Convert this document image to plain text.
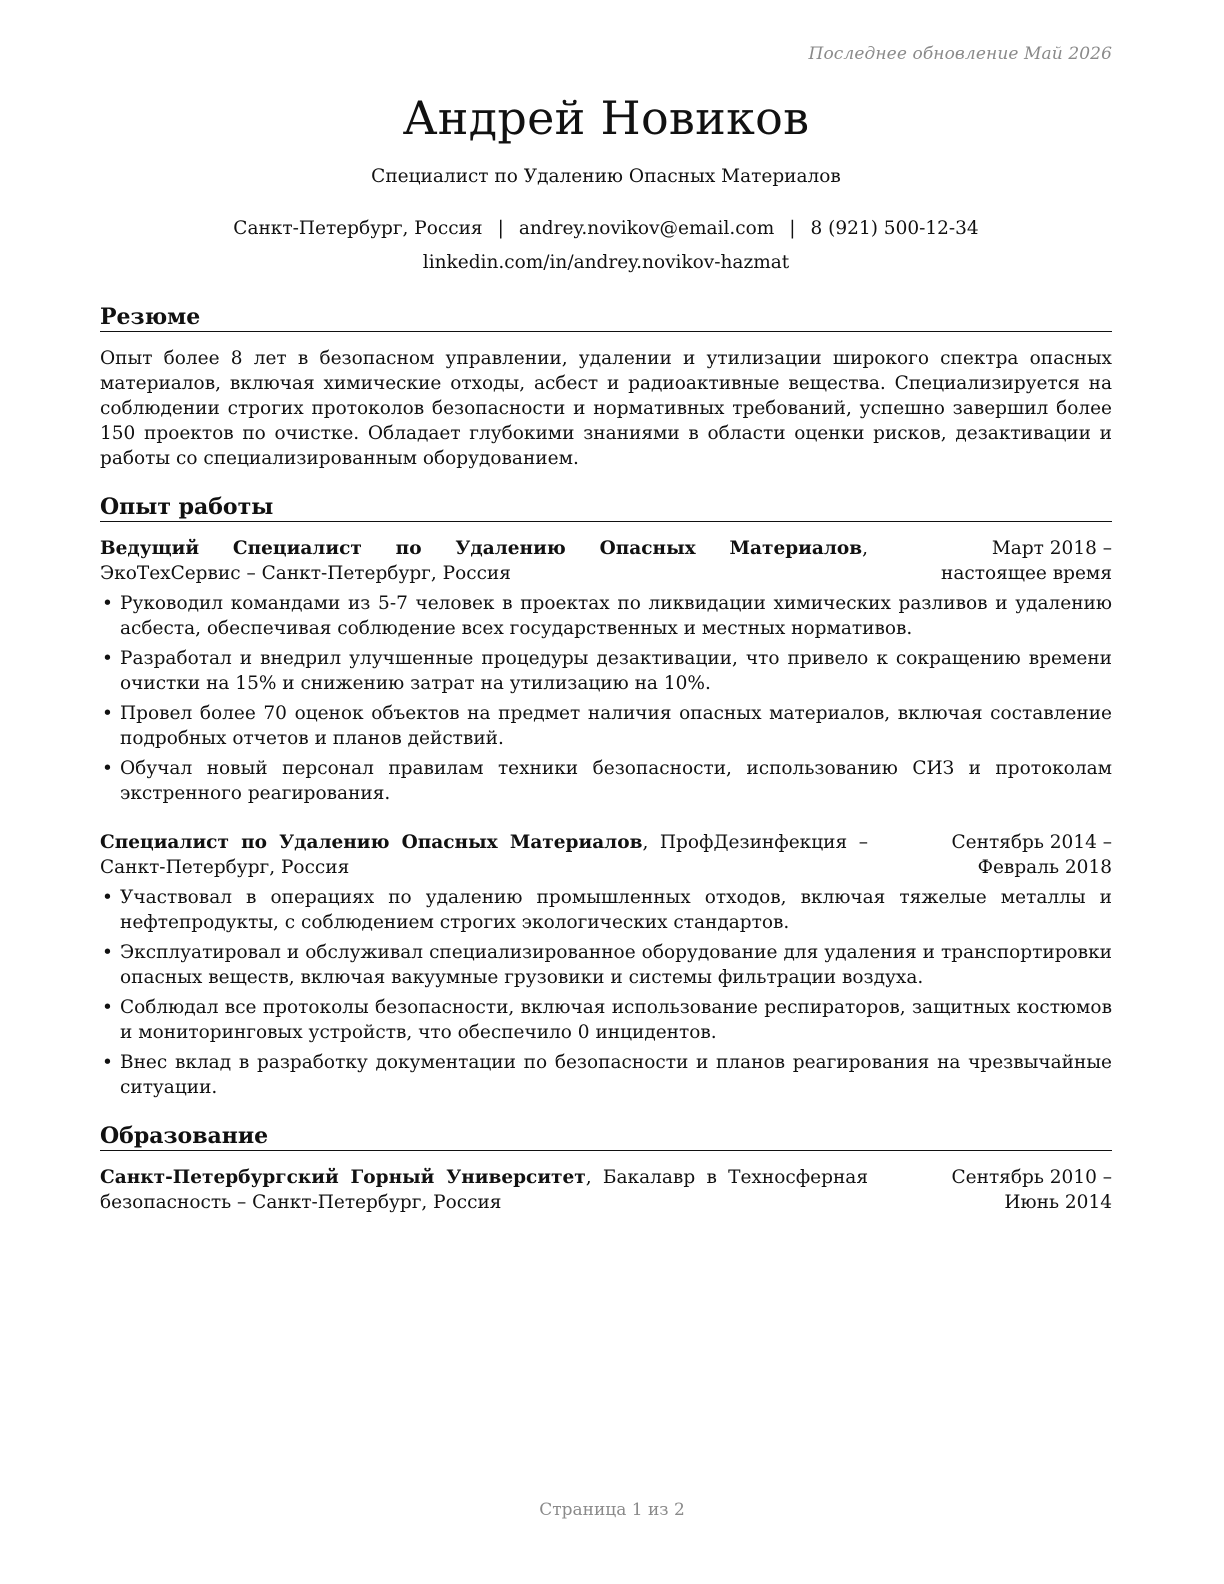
Последнее обновление Май 2026
Андрей Новиков
Специалист по Удалению Опасных Материалов
Санкт-Петербург, Россия | andrey.novikov@email.com | 8 (921) 500-12-34
linkedin.com/in/andrey.novikov-hazmat
Резюме

Опыт более 8 лет в безопасном управлении, удалении и утилизации широкого спектра опасных материалов, включая химические отходы, асбест и радиоактивные вещества. Специализируется на соблюдении строгих протоколов безопасности и нормативных требований, успешно завершил более 150 проектов по очистке. Обладает глубокими знаниями в области оценки рисков, дезактивации и работы со специализированным оборудованием.

Опыт работы
Ведущий Специалист по Удалению Опасных Материалов, ЭкоТехСервис – Санкт-Петербург, Россия
Март 2018 – настоящее время
• Руководил командами из 5-7 человек в проектах по ликвидации химических разливов и удалению асбеста, обеспечивая соблюдение всех государственных и местных нормативов.
• Разработал и внедрил улучшенные процедуры дезактивации, что привело к сокращению времени очистки на 15% и снижению затрат на утилизацию на 10%.
• Провел более 70 оценок объектов на предмет наличия опасных материалов, включая составление подробных отчетов и планов действий.
• Обучал новый персонал правилам техники безопасности, использованию СИЗ и протоколам экстренного реагирования.
Специалист по Удалению Опасных Материалов, ПрофДезинфекция – Санкт-Петербург, Россия
Сентябрь 2014 – Февраль 2018
• Участвовал в операциях по удалению промышленных отходов, включая тяжелые металлы и нефтепродукты, с соблюдением строгих экологических стандартов.
• Эксплуатировал и обслуживал специализированное оборудование для удаления и транспортировки опасных веществ, включая вакуумные грузовики и системы фильтрации воздуха.
• Соблюдал все протоколы безопасности, включая использование респираторов, защитных костюмов и мониторинговых устройств, что обеспечило 0 инцидентов.
• Внес вклад в разработку документации по безопасности и планов реагирования на чрезвычайные ситуации.
Образование
Санкт-Петербургский Горный Университет, Бакалавр в Техносферная безопасность – Санкт-Петербург, Россия
Сентябрь 2010 – Июнь 2014
Страница 1 из 2
